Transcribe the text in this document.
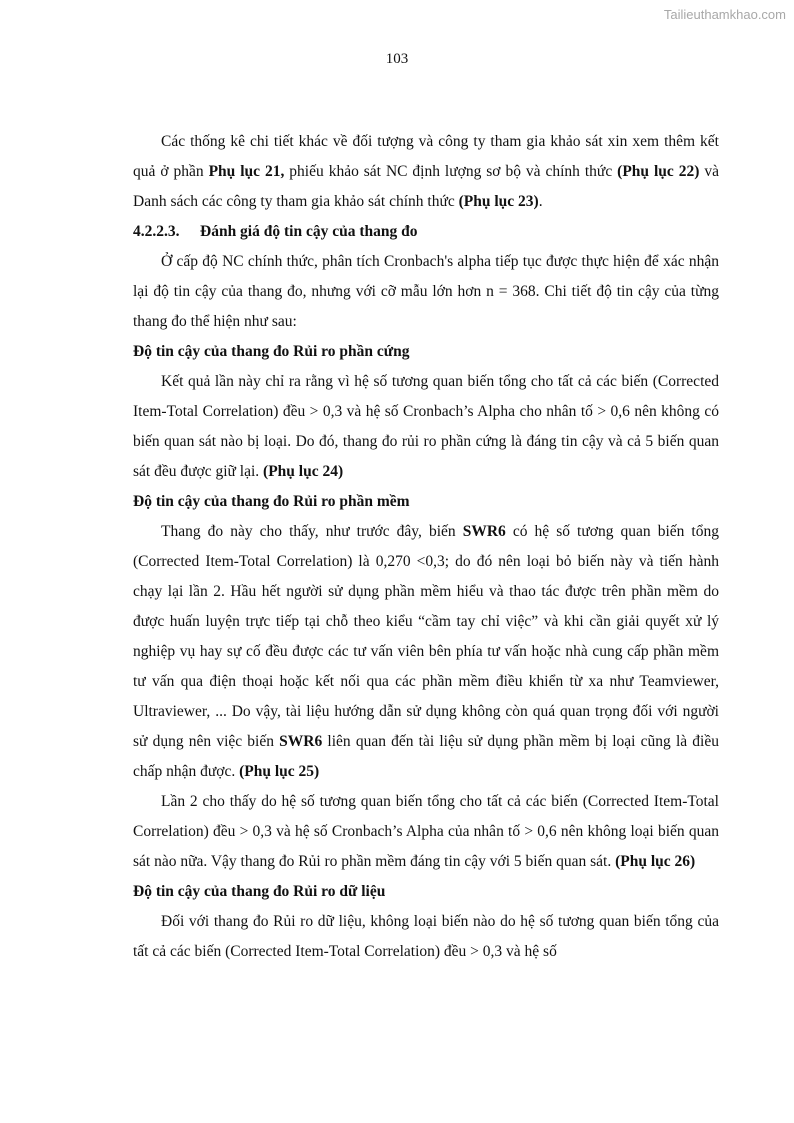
Tailieuthamkhao.com
103

Các thống kê chi tiết khác về đối tượng và công ty tham gia khảo sát xin xem thêm kết quả ở phần Phụ lục 21, phiếu khảo sát NC định lượng sơ bộ và chính thức (Phụ lục 22) và Danh sách các công ty tham gia khảo sát chính thức (Phụ lục 23).

4.2.2.3. Đánh giá độ tin cậy của thang đo

Ở cấp độ NC chính thức, phân tích Cronbach's alpha tiếp tục được thực hiện để xác nhận lại độ tin cậy của thang đo, nhưng với cỡ mẫu lớn hơn n = 368. Chi tiết độ tin cậy của từng thang đo thể hiện như sau:

Độ tin cậy của thang đo Rủi ro phần cứng

Kết quả lần này chỉ ra rằng vì hệ số tương quan biến tổng cho tất cả các biến (Corrected Item-Total Correlation) đều > 0,3 và hệ số Cronbach’s Alpha cho nhân tố > 0,6 nên không có biến quan sát nào bị loại. Do đó, thang đo rủi ro phần cứng là đáng tin cậy và cả 5 biến quan sát đều được giữ lại. (Phụ lục 24)

Độ tin cậy của thang đo Rủi ro phần mềm

Thang đo này cho thấy, như trước đây, biến SWR6 có hệ số tương quan biến tổng (Corrected Item-Total Correlation) là 0,270 <0,3; do đó nên loại bỏ biến này và tiến hành chạy lại lần 2. Hầu hết người sử dụng phần mềm hiểu và thao tác được trên phần mềm do được huấn luyện trực tiếp tại chỗ theo kiểu “cầm tay chỉ việc” và khi cần giải quyết xử lý nghiệp vụ hay sự cố đều được các tư vấn viên bên phía tư vấn hoặc nhà cung cấp phần mềm tư vấn qua điện thoại hoặc kết nối qua các phần mềm điều khiển từ xa như Teamviewer, Ultraviewer, ... Do vậy, tài liệu hướng dẫn sử dụng không còn quá quan trọng đối với người sử dụng nên việc biến SWR6 liên quan đến tài liệu sử dụng phần mềm bị loại cũng là điều chấp nhận được. (Phụ lục 25)

Lần 2 cho thấy do hệ số tương quan biến tổng cho tất cả các biến (Corrected Item-Total Correlation) đều > 0,3 và hệ số Cronbach’s Alpha của nhân tố > 0,6 nên không loại biến quan sát nào nữa. Vậy thang đo Rủi ro phần mềm đáng tin cậy với 5 biến quan sát. (Phụ lục 26)

Độ tin cậy của thang đo Rủi ro dữ liệu

Đối với thang đo Rủi ro dữ liệu, không loại biến nào do hệ số tương quan biến tổng của tất cả các biến (Corrected Item-Total Correlation) đều > 0,3 và hệ số
